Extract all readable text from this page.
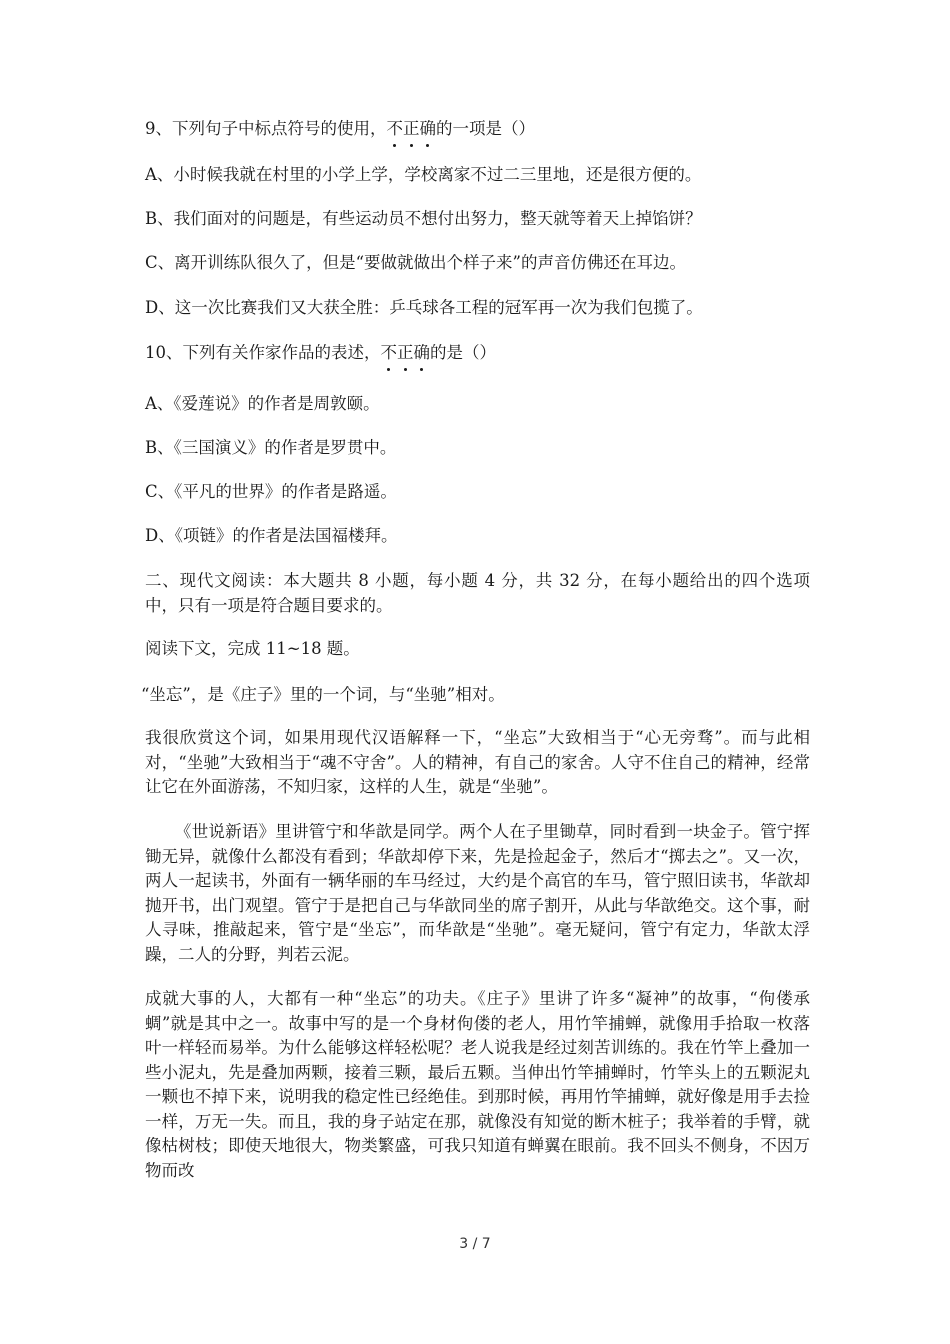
9、下列句子中标点符号的使用，不正确的一项是（）
A、小时候我就在村里的小学上学，学校离家不过二三里地，还是很方便的。
B、我们面对的问题是，有些运动员不想付出努力，整天就等着天上掉馅饼？
C、离开训练队很久了，但是“要做就做出个样子来”的声音仿佛还在耳边。
D、这一次比赛我们又大获全胜：乒乓球各工程的冠军再一次为我们包揽了。
10、下列有关作家作品的表述，不正确的是（）
A、《爱莲说》的作者是周敦颐。
B、《三国演义》的作者是罗贯中。
C、《平凡的世界》的作者是路遥。
D、《项链》的作者是法国福楼拜。
二、现代文阅读：本大题共 8 小题，每小题 4 分，共 32 分，在每小题给出的四个选项中，只有一项是符合题目要求的。
阅读下文，完成 11~18 题。
“坐忘”，是《庄子》里的一个词，与“坐驰”相对。
我很欣赏这个词，如果用现代汉语解释一下，“坐忘”大致相当于“心无旁骛”。而与此相对，“坐驰”大致相当于“魂不守舍”。人的精神，有自己的家舍。人守不住自己的精神，经常让它在外面游荡，不知归家，这样的人生，就是“坐驰”。
《世说新语》里讲管宁和华歆是同学。两个人在子里锄草，同时看到一块金子。管宁挥锄无异，就像什么都没有看到；华歆却停下来，先是捡起金子，然后才“掷去之”。又一次，两人一起读书，外面有一辆华丽的车马经过，大约是个高官的车马，管宁照旧读书，华歆却抛开书，出门观望。管宁于是把自己与华歆同坐的席子割开，从此与华歆绝交。这个事，耐人寻味，推敲起来，管宁是“坐忘”，而华歆是“坐驰”。毫无疑问，管宁有定力，华歆太浮躁，二人的分野，判若云泥。
成就大事的人，大都有一种“坐忘”的功夫。《庄子》里讲了许多“凝神”的故事，“佝偻承蜩”就是其中之一。故事中写的是一个身材佝偻的老人，用竹竿捕蝉，就像用手拾取一枚落叶一样轻而易举。为什么能够这样轻松呢？老人说我是经过刻苦训练的。我在竹竿上叠加一些小泥丸，先是叠加两颗，接着三颗，最后五颗。当伸出竹竿捕蝉时，竹竿头上的五颗泥丸一颗也不掉下来，说明我的稳定性已经绝佳。到那时候，再用竹竿捕蝉，就好像是用手去捡一样，万无一失。而且，我的身子站定在那，就像没有知觉的断木桩子；我举着的手臂，就像枯树枝；即使天地很大，物类繁盛，可我只知道有蝉翼在眼前。我不回头不侧身，不因万物而改
3 / 7
